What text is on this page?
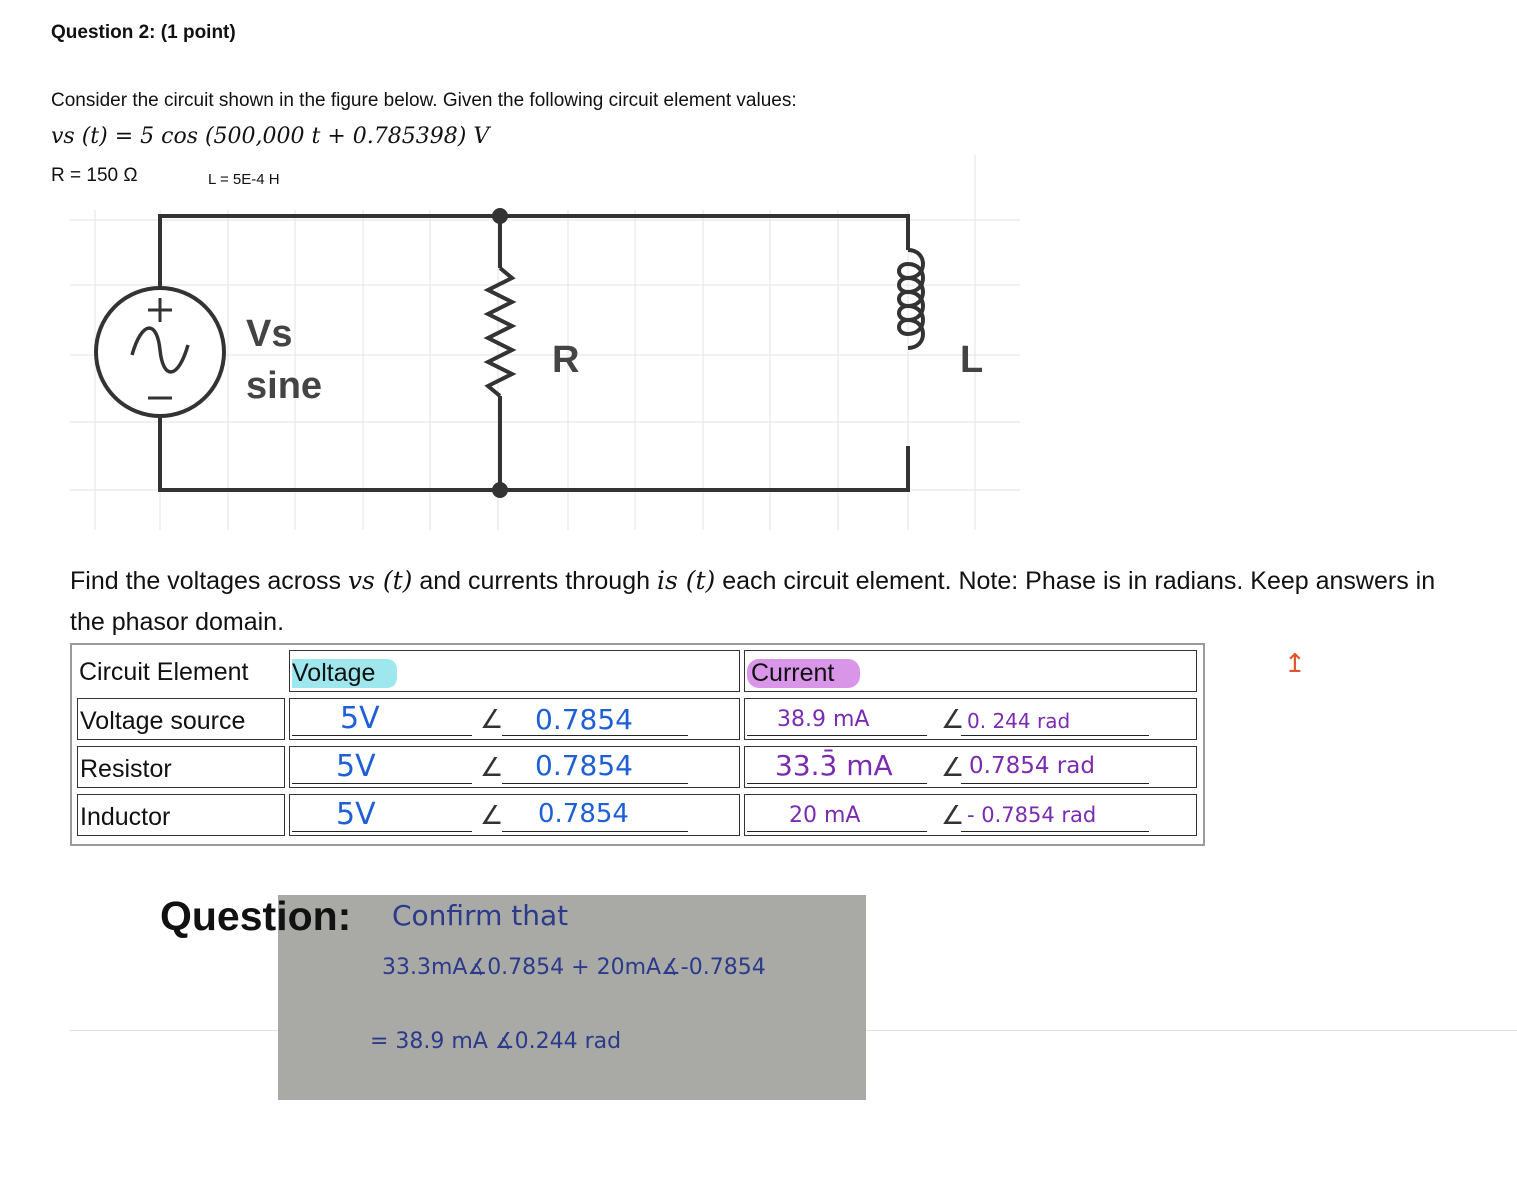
Question 2: (1 point)
Consider the circuit shown in the figure below. Given the following circuit element values:
vs (t) = 5 cos (500,000 t + 0.785398) V
R = 150 Ω	L = 5E-4 H
Vs
sine
R	L
Find the voltages across vs (t) and currents through is (t) each circuit element. Note: Phase is in radians. Keep answers in the phasor domain.
Circuit Element Voltage	Current
Voltage source	5V	∠ 0.7854	38.9 mA	∠ 0. 244 rad
Resistor	5V	∠ 0.7854	33.3̄ mA ∠ 0.7854 rad
Inductor	5V	∠ 0.7854	20 mA	∠ - 0.7854 rad
↥
Confirm that
33.3mA∡0.7854 + 20mA∡-0.7854
= 38.9 mA ∡0.244 rad
Question:
